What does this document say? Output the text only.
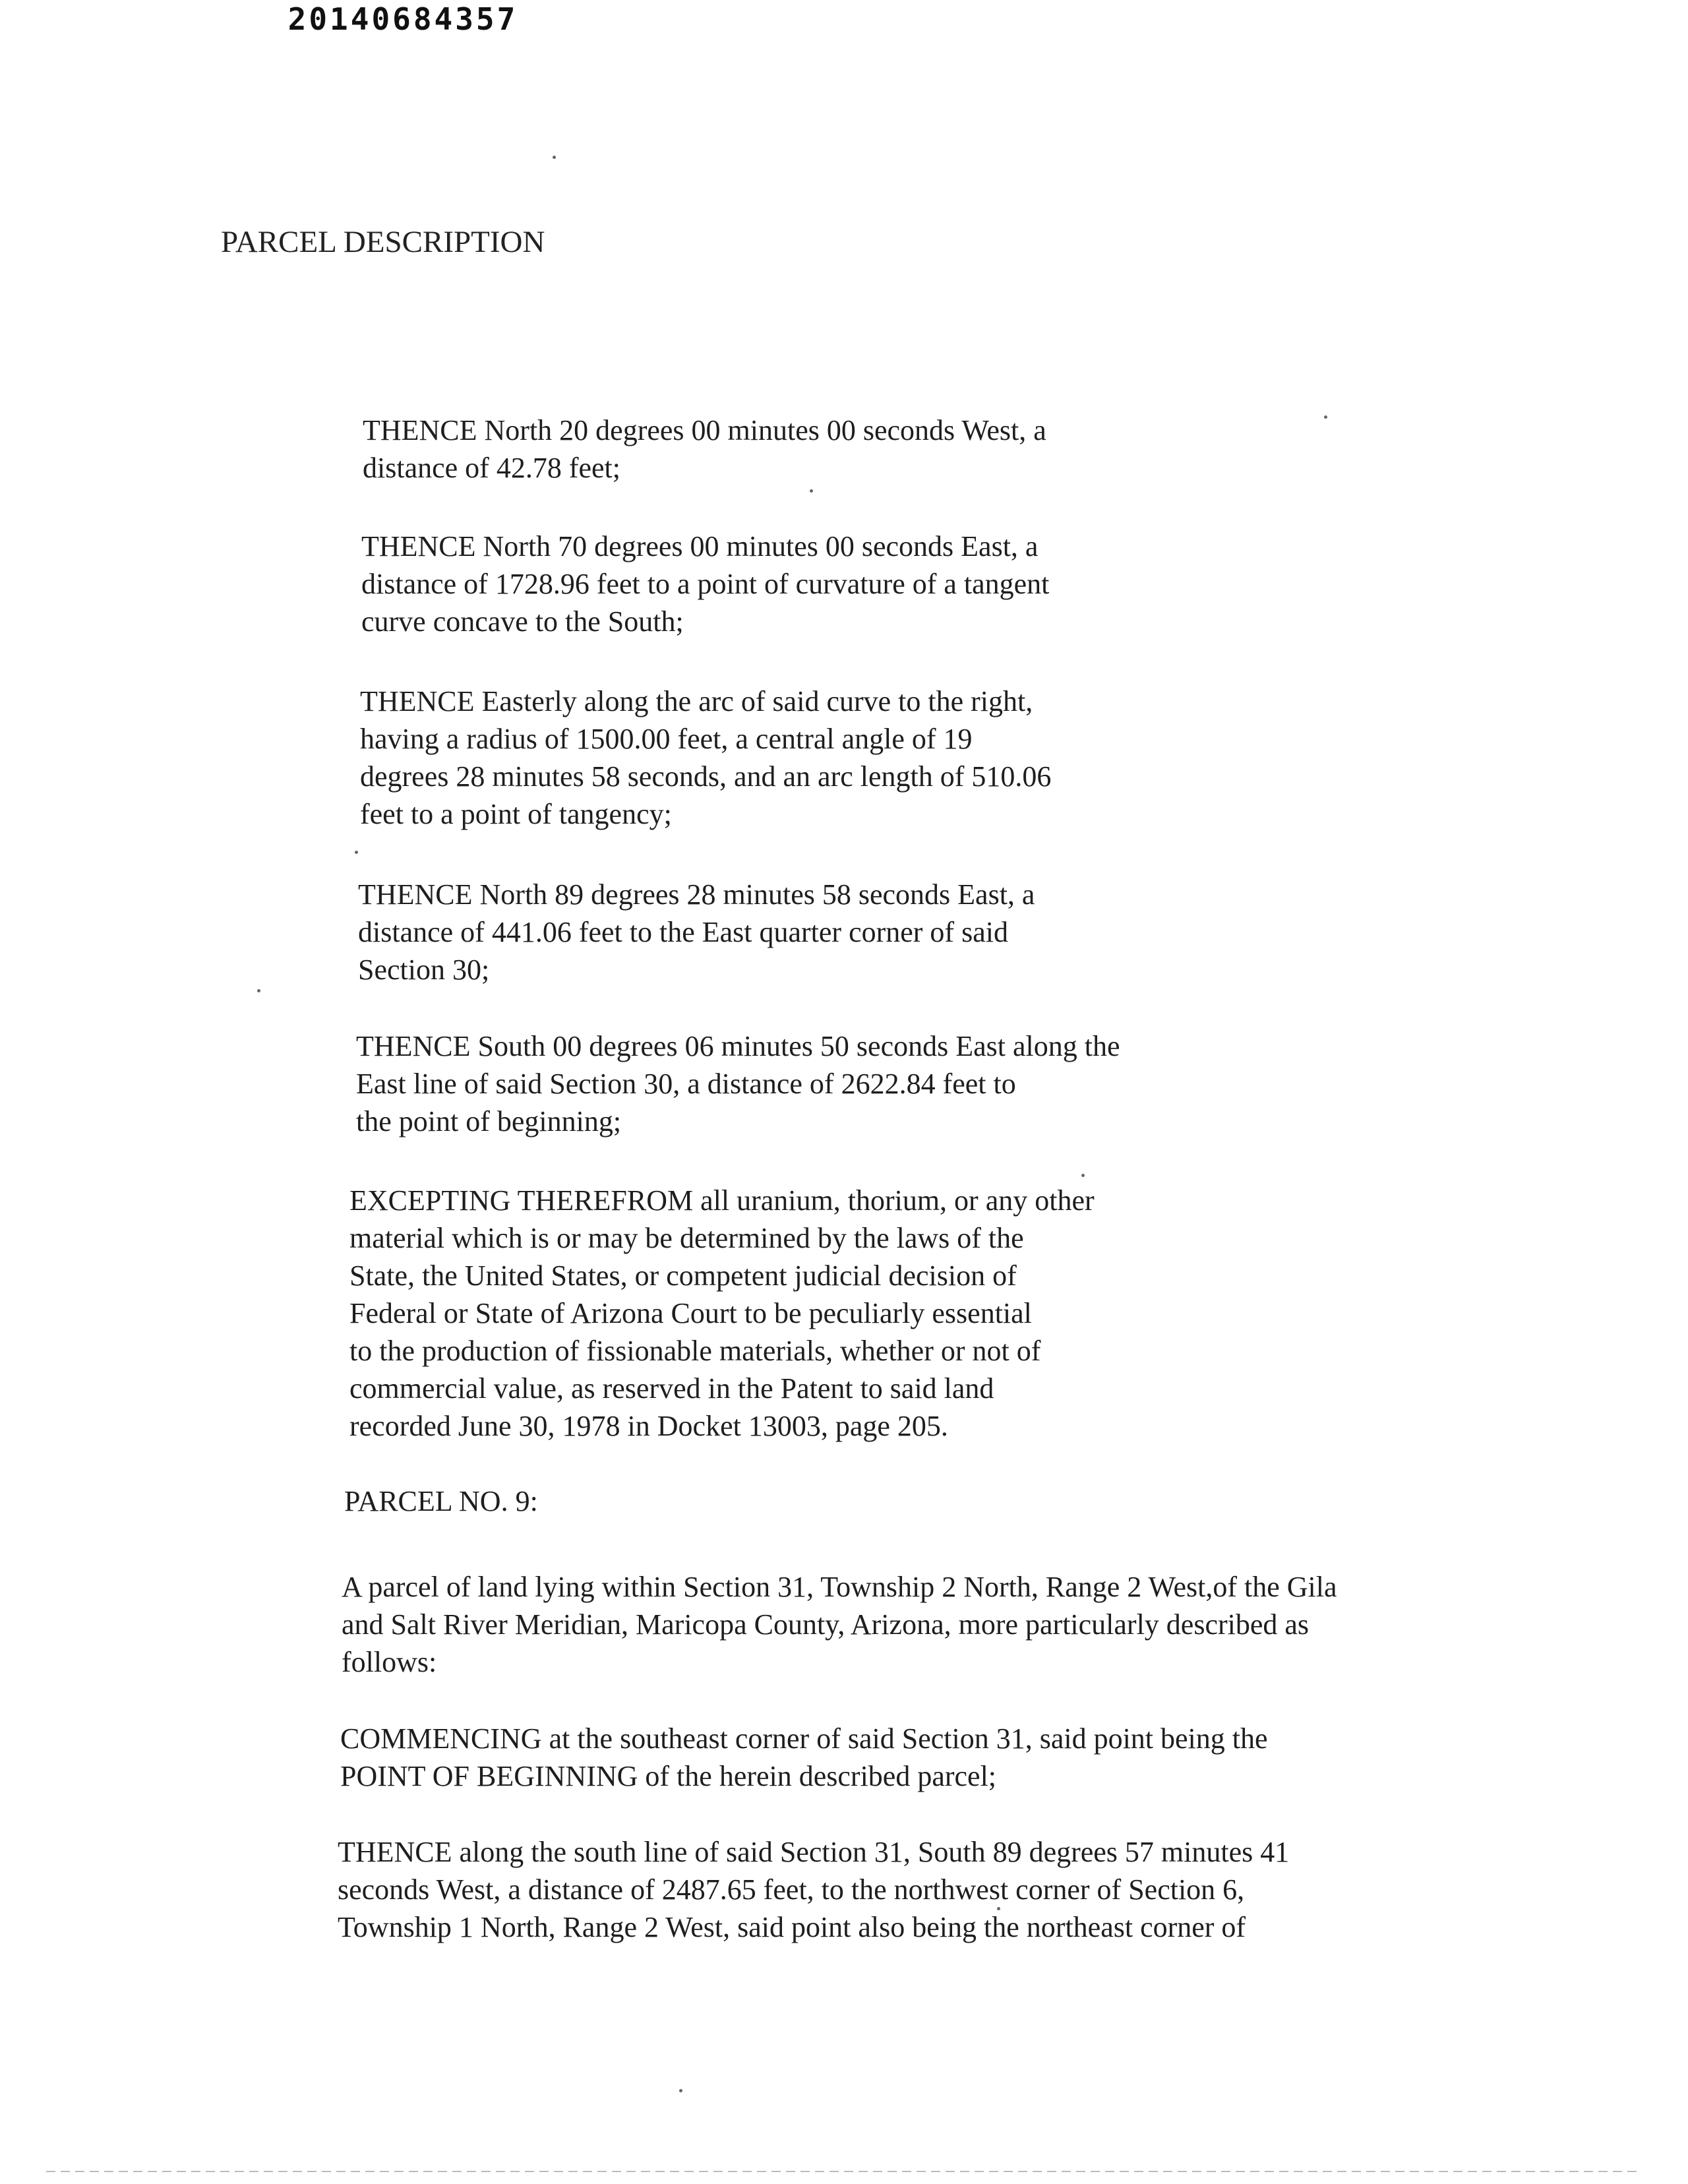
20140684357
PARCEL DESCRIPTION
THENCE North 20 degrees 00 minutes 00 seconds West, a
distance of 42.78 feet;
THENCE North 70 degrees 00 minutes 00 seconds East, a
distance of 1728.96 feet to a point of curvature of a tangent
curve concave to the South;
THENCE Easterly along the arc of said curve to the right,
having a radius of 1500.00 feet, a central angle of 19
degrees 28 minutes 58 seconds, and an arc length of 510.06
feet to a point of tangency;
THENCE North 89 degrees 28 minutes 58 seconds East, a
distance of 441.06 feet to the East quarter corner of said
Section 30;
THENCE South 00 degrees 06 minutes 50 seconds East along the
East line of said Section 30, a distance of 2622.84 feet to
the point of beginning;
EXCEPTING THEREFROM all uranium, thorium, or any other
material which is or may be determined by the laws of the
State, the United States, or competent judicial decision of
Federal or State of Arizona Court to be peculiarly essential
to the production of fissionable materials, whether or not of
commercial value, as reserved in the Patent to said land
recorded June 30, 1978 in Docket 13003, page 205.
PARCEL NO. 9:
A parcel of land lying within Section 31, Township 2 North, Range 2 West,of the Gila
and Salt River Meridian, Maricopa County, Arizona, more particularly described as
follows:
COMMENCING at the southeast corner of said Section 31, said point being the
POINT OF BEGINNING of the herein described parcel;
THENCE along the south line of said Section 31, South 89 degrees 57 minutes 41
seconds West, a distance of 2487.65 feet, to the northwest corner of Section 6,
Township 1 North, Range 2 West, said point also being the northeast corner of
